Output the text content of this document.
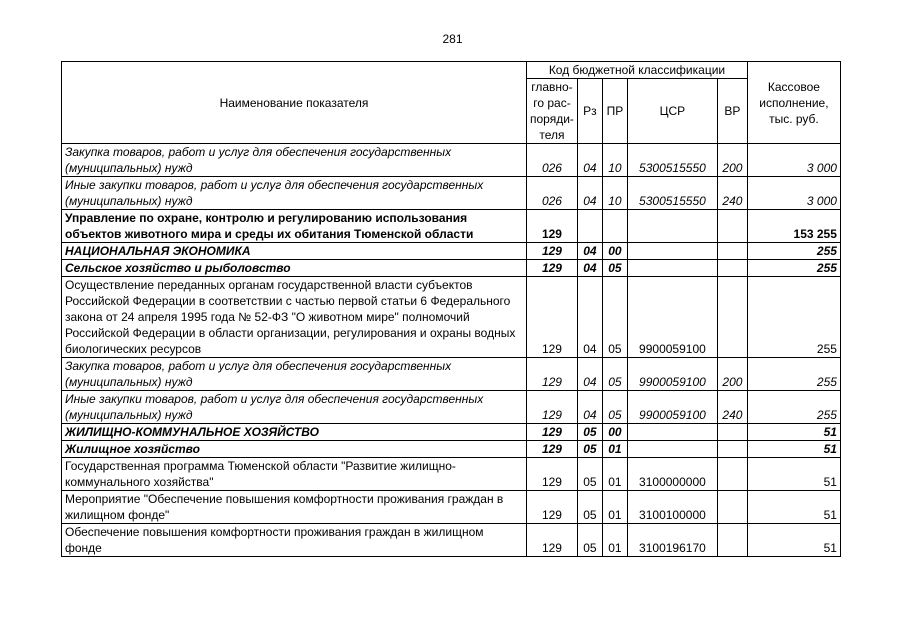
281
Наименование показателя	Код бюджетной классификации					Кассовое
исполнение,
тыс. руб.

	главно-
го рас-
поряди-
теля	Рз	ПР	ЦСР	ВР	
Закупка товаров, работ и услуг для обеспечения государственных (муниципальных) нужд	026	04	10	5300515550	200	3 000
Иные закупки товаров, работ и услуг для обеспечения государственных (муниципальных) нужд	026	04	10	5300515550	240	3 000
Управление по охране, контролю и регулированию использования объектов животного мира и среды их обитания Тюменской области	129					153 255
НАЦИОНАЛЬНАЯ ЭКОНОМИКА	129	04	00			255
Сельское хозяйство и рыболовство	129	04	05			255
Осуществление переданных органам государственной власти субъектов Российской Федерации в соответствии с частью первой статьи 6 Федерального закона от 24 апреля 1995 года № 52-ФЗ "О животном мире" полномочий Российской Федерации в области организации, регулирования и охраны водных биологических ресурсов	129	04	05	9900059100		255
Закупка товаров, работ и услуг для обеспечения государственных (муниципальных) нужд	129	04	05	9900059100	200	255
Иные закупки товаров, работ и услуг для обеспечения государственных (муниципальных) нужд	129	04	05	9900059100	240	255
ЖИЛИЩНО-КОММУНАЛЬНОЕ ХОЗЯЙСТВО	129	05	00			51
Жилищное хозяйство	129	05	01			51
Государственная программа Тюменской области "Развитие жилищно-коммунального хозяйства"	129	05	01	3100000000		51
Мероприятие "Обеспечение повышения комфортности проживания граждан в жилищном фонде"	129	05	01	3100100000		51
Обеспечение повышения комфортности проживания граждан в жилищном фонде	129	05	01	3100196170		51
